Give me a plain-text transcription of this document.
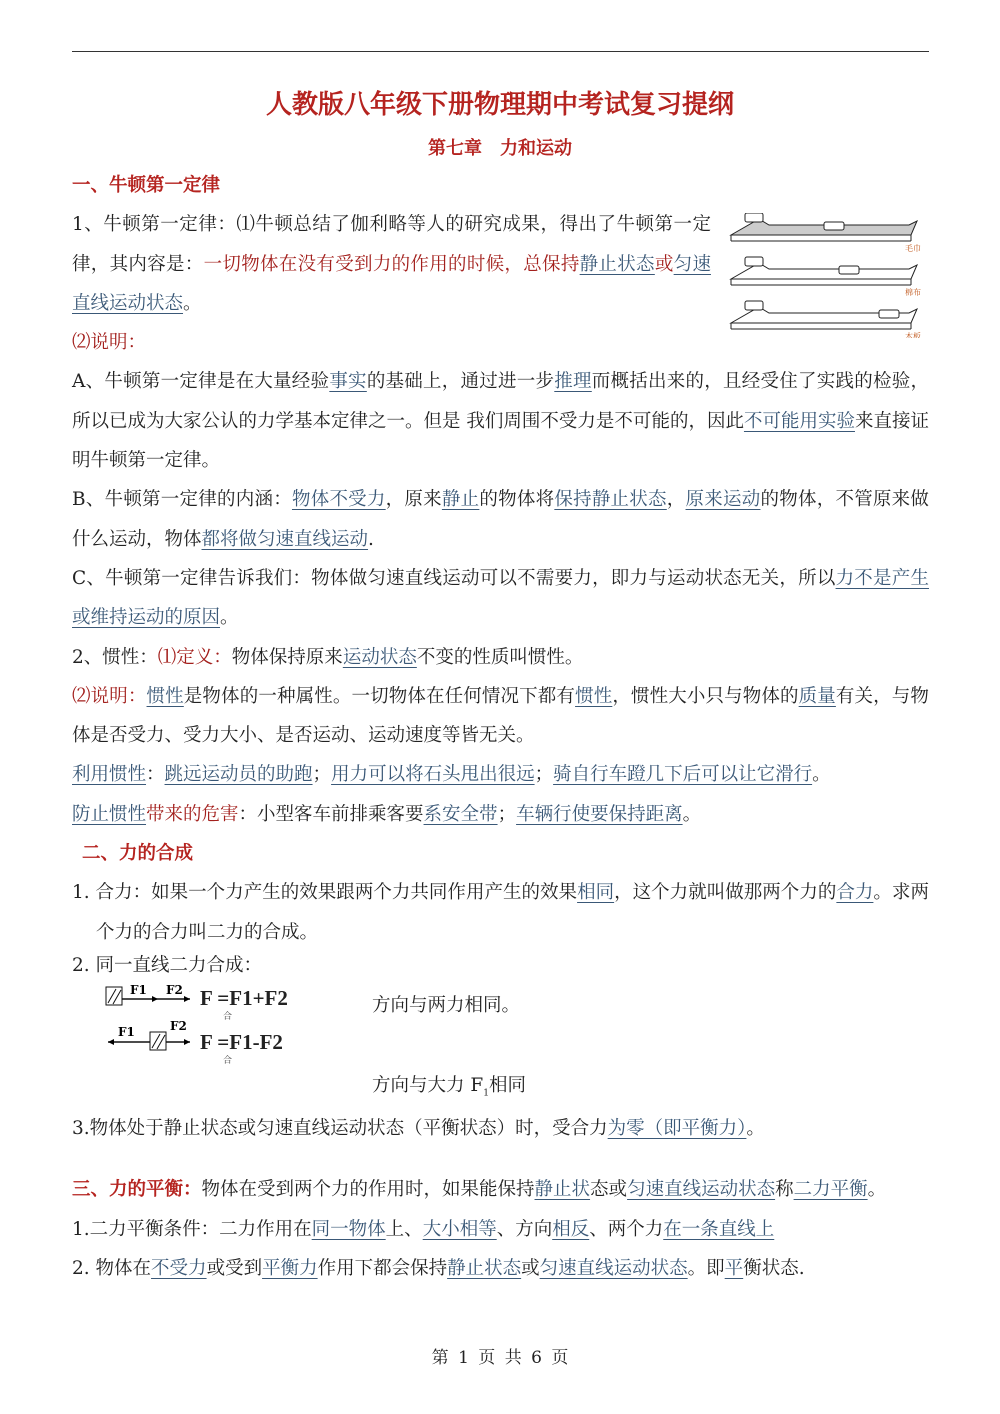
人教版八年级下册物理期中考试复习提纲
第七章　力和运动

一、牛顿第一定律

毛巾
棉布
木板
1、牛顿第一定律：⑴牛顿总结了伽利略等人的研究成果，得出了牛顿第一定律，其内容是：一切物体在没有受到力的作用的时候，总保持静止状态或匀速直线运动状态。

⑵说明：

A、牛顿第一定律是在大量经验事实的基础上，通过进一步推理而概括出来的，且经受住了实践的检验，所以已成为大家公认的力学基本定律之一。但是 我们周围不受力是不可能的，因此不可能用实验来直接证明牛顿第一定律。

B、牛顿第一定律的内涵：物体不受力，原来静止的物体将保持静止状态，原来运动的物体，不管原来做什么运动，物体都将做匀速直线运动.

C、牛顿第一定律告诉我们：物体做匀速直线运动可以不需要力，即力与运动状态无关，所以力不是产生或维持运动的原因。

2、惯性：⑴定义：物体保持原来运动状态不变的性质叫惯性。

⑵说明：惯性是物体的一种属性。一切物体在任何情况下都有惯性，惯性大小只与物体的质量有关，与物体是否受力、受力大小、是否运动、运动速度等皆无关。

利用惯性：跳远运动员的助跑；用力可以将石头甩出很远；骑自行车蹬几下后可以让它滑行。

防止惯性带来的危害：小型客车前排乘客要系安全带；车辆行使要保持距离。

二、力的合成

1. 合力：如果一个力产生的效果跟两个力共同作用产生的效果相同，这个力就叫做那两个力的合力。求两个力的合力叫二力的合成。

2. 同一直线二力合成：
F1 F2
F1	F2
F =F1+F2
合
方向与两力相同。
F =F1-F2
合
方向与大力 $F_1$相同

3.物体处于静止状态或匀速直线运动状态（平衡状态）时，受合力为零（即平衡力）。

三、力的平衡：物体在受到两个力的作用时，如果能保持静止状态或匀速直线运动状态称二力平衡。

1.二力平衡条件：二力作用在同一物体上、大小相等、方向相反、两个力在一条直线上

2. 物体在不受力或受到平衡力作用下都会保持静止状态或匀速直线运动状态。即平衡状态.

第 1 页 共 6 页
